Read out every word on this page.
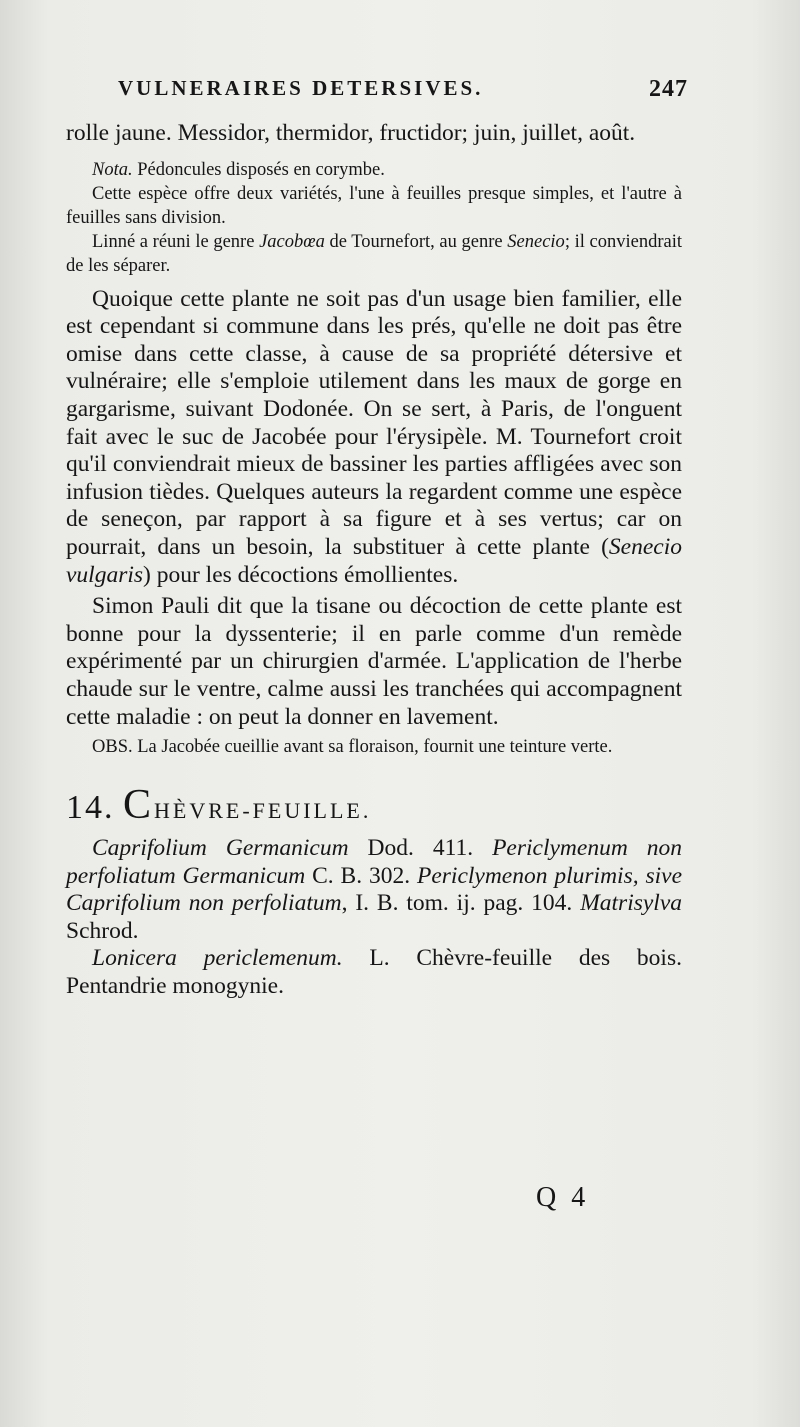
VULNERAIRES DETERSIVES.	247

rolle jaune. Messidor, thermidor, fructidor; juin, juillet, août.

Nota. Pédoncules disposés en corymbe.

Cette espèce offre deux variétés, l'une à feuilles presque simples, et l'autre à feuilles sans division.

Linné a réuni le genre Jacobœa de Tournefort, au genre Senecio; il conviendrait de les séparer.

Quoique cette plante ne soit pas d'un usage bien familier, elle est cependant si commune dans les prés, qu'elle ne doit pas être omise dans cette classe, à cause de sa propriété détersive et vulnéraire; elle s'emploie utilement dans les maux de gorge en gargarisme, suivant Dodonée. On se sert, à Paris, de l'onguent fait avec le suc de Jacobée pour l'érysipèle. M. Tournefort croit qu'il conviendrait mieux de bassiner les parties affligées avec son infusion tièdes. Quelques auteurs la regardent comme une espèce de seneçon, par rapport à sa figure et à ses vertus; car on pourrait, dans un besoin, la substituer à cette plante (Senecio vulgaris) pour les décoctions émollientes.

Simon Pauli dit que la tisane ou décoction de cette plante est bonne pour la dyssenterie; il en parle comme d'un remède expérimenté par un chirurgien d'armée. L'application de l'herbe chaude sur le ventre, calme aussi les tranchées qui accompagnent cette maladie : on peut la donner en lavement.

OBS. La Jacobée cueillie avant sa floraison, fournit une teinture verte.

14. CHÈVRE-FEUILLE.

Caprifolium Germanicum Dod. 411. Periclymenum non perfoliatum Germanicum C. B. 302. Periclymenon plurimis, sive Caprifolium non perfoliatum, I. B. tom. ij. pag. 104. Matrisylva Schrod.

Lonicera periclemenum. L. Chèvre-feuille des bois. Pentandrie monogynie.

Q 4
